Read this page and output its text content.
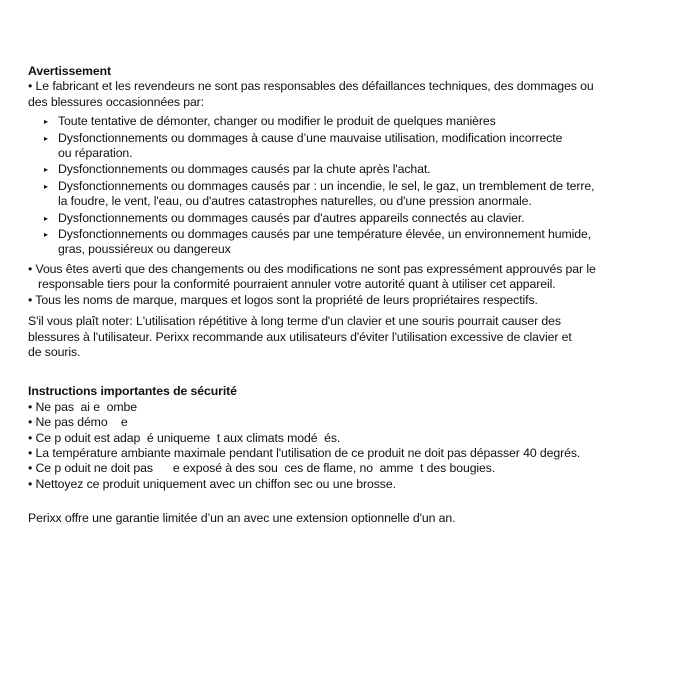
Avertissement
• Le fabricant et les revendeurs ne sont pas responsables des défaillances techniques, des dommages ou
des blessures occasionnées par:
▸ Toute tentative de démonter, changer ou modifier le produit de quelques manières
▸ Dysfonctionnements ou dommages à cause d’une mauvaise utilisation, modification incorrecte
ou réparation.
▸ Dysfonctionnements ou dommages causés par la chute après l'achat.
▸ Dysfonctionnements ou dommages causés par : un incendie, le sel, le gaz, un tremblement de terre,
la foudre, le vent, l'eau, ou d'autres catastrophes naturelles, ou d'une pression anormale.
▸ Dysfonctionnements ou dommages causés par d'autres appareils connectés au clavier.
▸ Dysfonctionnements ou dommages causés par une température élevée, un environnement humide,
gras, poussiéreux ou dangereux
• Vous êtes averti que des changements ou des modifications ne sont pas expressément approuvés par le
responsable tiers pour la conformité pourraient annuler votre autorité quant à utiliser cet appareil.
• Tous les noms de marque, marques et logos sont la propriété de leurs propriétaires respectifs.
S'il vous plaît noter: L'utilisation répétitive à long terme d'un clavier et une souris pourrait causer des
blessures à l'utilisateur. Perixx recommande aux utilisateurs d'éviter l'utilisation excessive de clavier et
de souris.
Instructions importantes de sécurité
• Ne pas  ai e  ombe
• Ne pas démo    e
• Ce p oduit est adap  é uniqueme  t aux climats modé  és.
• La température ambiante maximale pendant l'utilisation de ce produit ne doit pas dépasser 40 degrés.
• Ce p oduit ne doit pas      e exposé à des sou  ces de flame, no  amme  t des bougies.
• Nettoyez ce produit uniquement avec un chiffon sec ou une brosse.
Perixx offre une garantie limitée d’un an avec une extension optionnelle d'un an.
